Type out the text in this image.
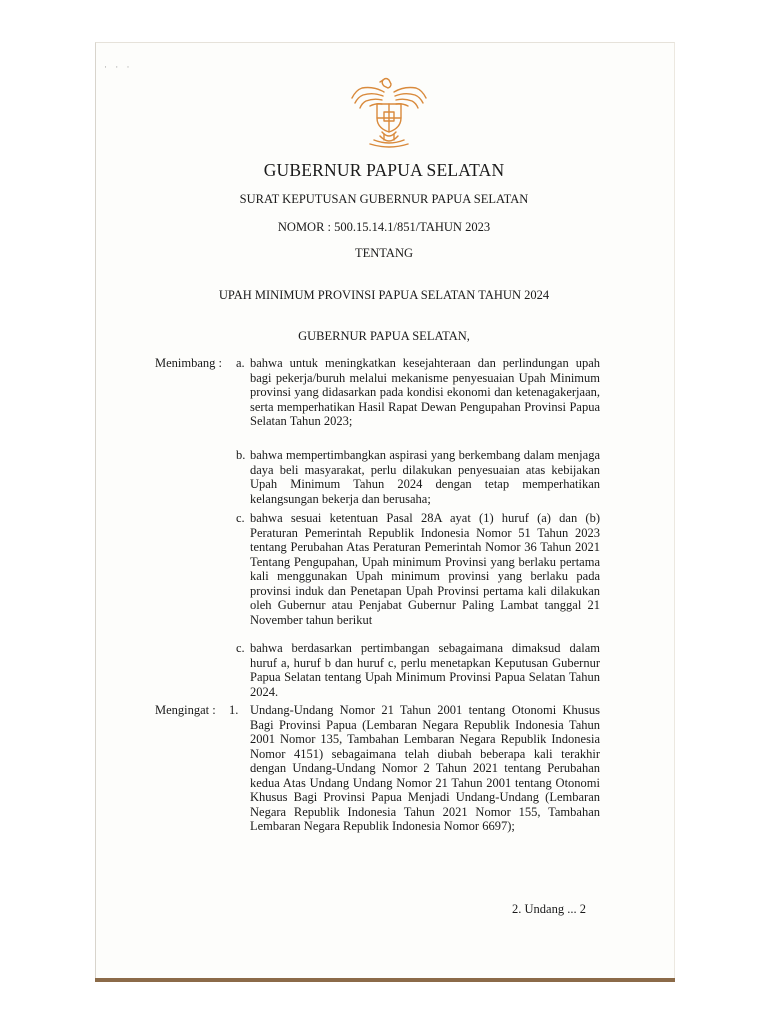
· · ·
GUBERNUR PAPUA SELATAN
SURAT KEPUTUSAN GUBERNUR PAPUA SELATAN
NOMOR : 500.15.14.1/851/TAHUN 2023
TENTANG
UPAH MINIMUM PROVINSI PAPUA SELATAN TAHUN 2024
GUBERNUR PAPUA SELATAN,
Menimbang : a. bahwa untuk meningkatkan kesejahteraan dan perlindungan upah bagi pekerja/buruh melalui mekanisme penyesuaian Upah Minimum provinsi yang didasarkan pada kondisi ekonomi dan ketenagakerjaan, serta memperhatikan Hasil Rapat Dewan Pengupahan Provinsi Papua Selatan Tahun 2023;

b. bahwa mempertimbangkan aspirasi yang berkembang dalam menjaga daya beli masyarakat, perlu dilakukan penyesuaian atas kebijakan Upah Minimum Tahun 2024 dengan tetap memperhatikan kelangsungan bekerja dan berusaha;

c. bahwa sesuai ketentuan Pasal 28A ayat (1) huruf (a) dan (b) Peraturan Pemerintah Republik Indonesia Nomor 51 Tahun 2023 tentang Perubahan Atas Peraturan Pemerintah Nomor 36 Tahun 2021 Tentang Pengupahan, Upah minimum Provinsi yang berlaku pertama kali menggunakan Upah minimum provinsi yang berlaku pada provinsi induk dan Penetapan Upah Provinsi pertama kali dilakukan oleh Gubernur atau Penjabat Gubernur Paling Lambat tanggal 21 November tahun berikut

c. bahwa berdasarkan pertimbangan sebagaimana dimaksud dalam huruf a, huruf b dan huruf c, perlu menetapkan Keputusan Gubernur Papua Selatan tentang Upah Minimum Provinsi Papua Selatan Tahun 2024.

Mengingat : 1. Undang-Undang Nomor 21 Tahun 2001 tentang Otonomi Khusus Bagi Provinsi Papua (Lembaran Negara Republik Indonesia Tahun 2001 Nomor 135, Tambahan Lembaran Negara Republik Indonesia Nomor 4151) sebagaimana telah diubah beberapa kali terakhir dengan Undang-Undang Nomor 2 Tahun 2021 tentang Perubahan kedua Atas Undang Undang Nomor 21 Tahun 2001 tentang Otonomi Khusus Bagi Provinsi Papua Menjadi Undang-Undang (Lembaran Negara Republik Indonesia Tahun 2021 Nomor 155, Tambahan Lembaran Negara Republik Indonesia Nomor 6697);

2. Undang ... 2
